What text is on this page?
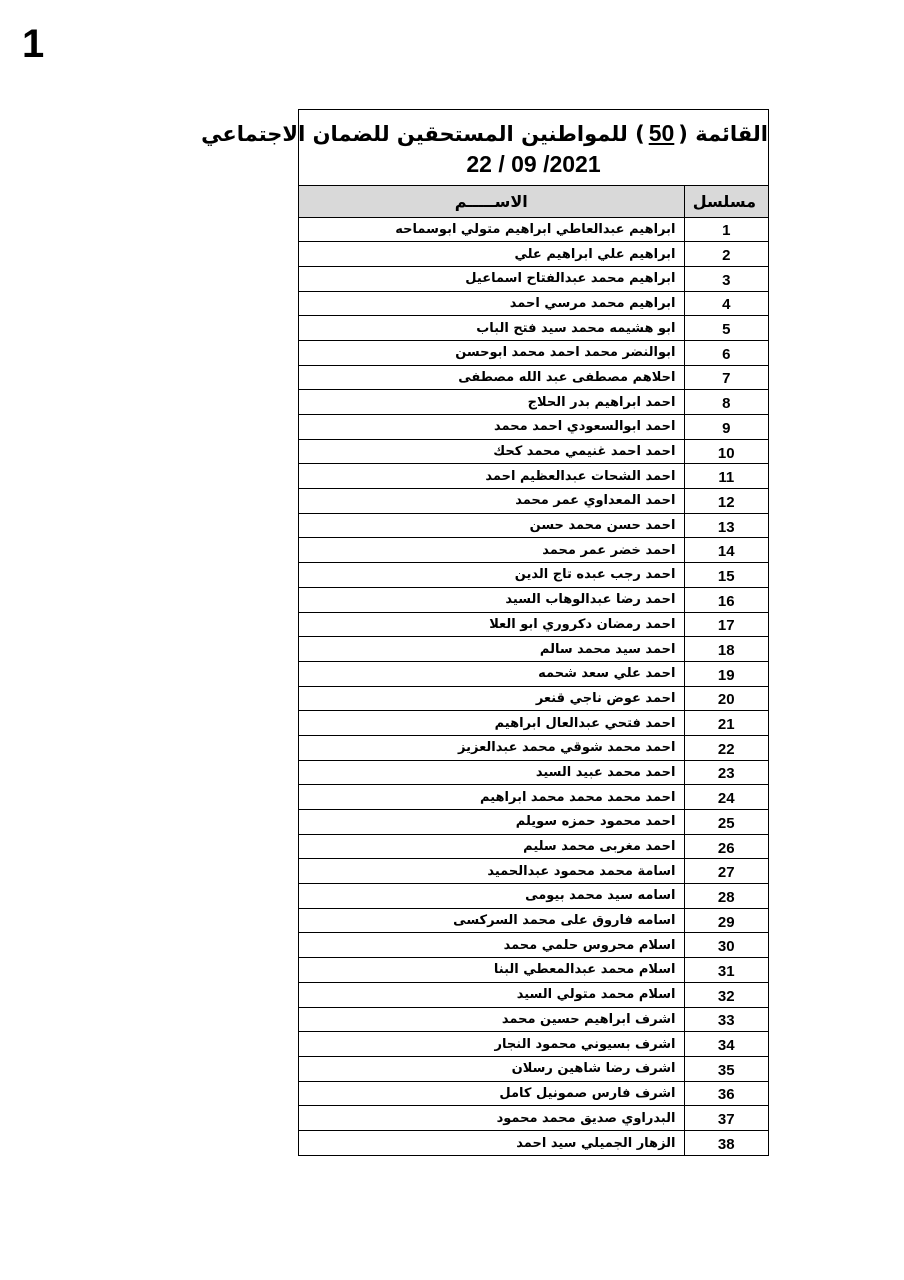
1
القائمة (50) للمواطنين المستحقين للضمان الاجتماعي
22 / 09 /2021
مسلسل	الاســـــم
1	ابراهيم عبدالعاطي ابراهيم متولي ابوسماحه
2	ابراهيم علي ابراهيم علي
3	ابراهيم محمد عبدالفتاح اسماعيل
4	ابراهيم محمد مرسي احمد
5	ابو هشيمه محمد سيد فتح الباب
6	ابوالنضر محمد احمد محمد ابوحسن
7	احلاهم مصطفى عبد الله مصطفى
8	احمد ابراهيم بدر الحلاج
9	احمد ابوالسعودي احمد محمد
10	احمد احمد غنيمي محمد كحك
11	احمد الشحات عبدالعظيم احمد
12	احمد المعداوي عمر محمد
13	احمد حسن محمد حسن
14	احمد خضر عمر محمد
15	احمد رجب عبده تاج الدين
16	احمد رضا عبدالوهاب السيد
17	احمد رمضان دكروري ابو العلا
18	احمد سيد محمد سالم
19	احمد علي سعد شحمه
20	احمد عوض ناجي قنعر
21	احمد فتحي عبدالعال ابراهيم
22	احمد محمد شوقي محمد عبدالعزيز
23	احمد محمد عبيد السيد
24	احمد محمد محمد محمد ابراهيم
25	احمد محمود حمزه سويلم
26	احمد مغربى محمد سليم
27	اسامة محمد محمود عبدالحميد
28	اسامه سيد محمد بيومى
29	اسامه فاروق على محمد السركسى
30	اسلام محروس حلمي محمد
31	اسلام محمد عبدالمعطي البنا
32	اسلام محمد متولي السيد
33	اشرف ابراهيم حسين محمد
34	اشرف بسيوني محمود النجار
35	اشرف رضا شاهين رسلان
36	اشرف فارس صمونيل كامل
37	البدراوي صديق محمد محمود
38	الزهار الجميلي سيد احمد
